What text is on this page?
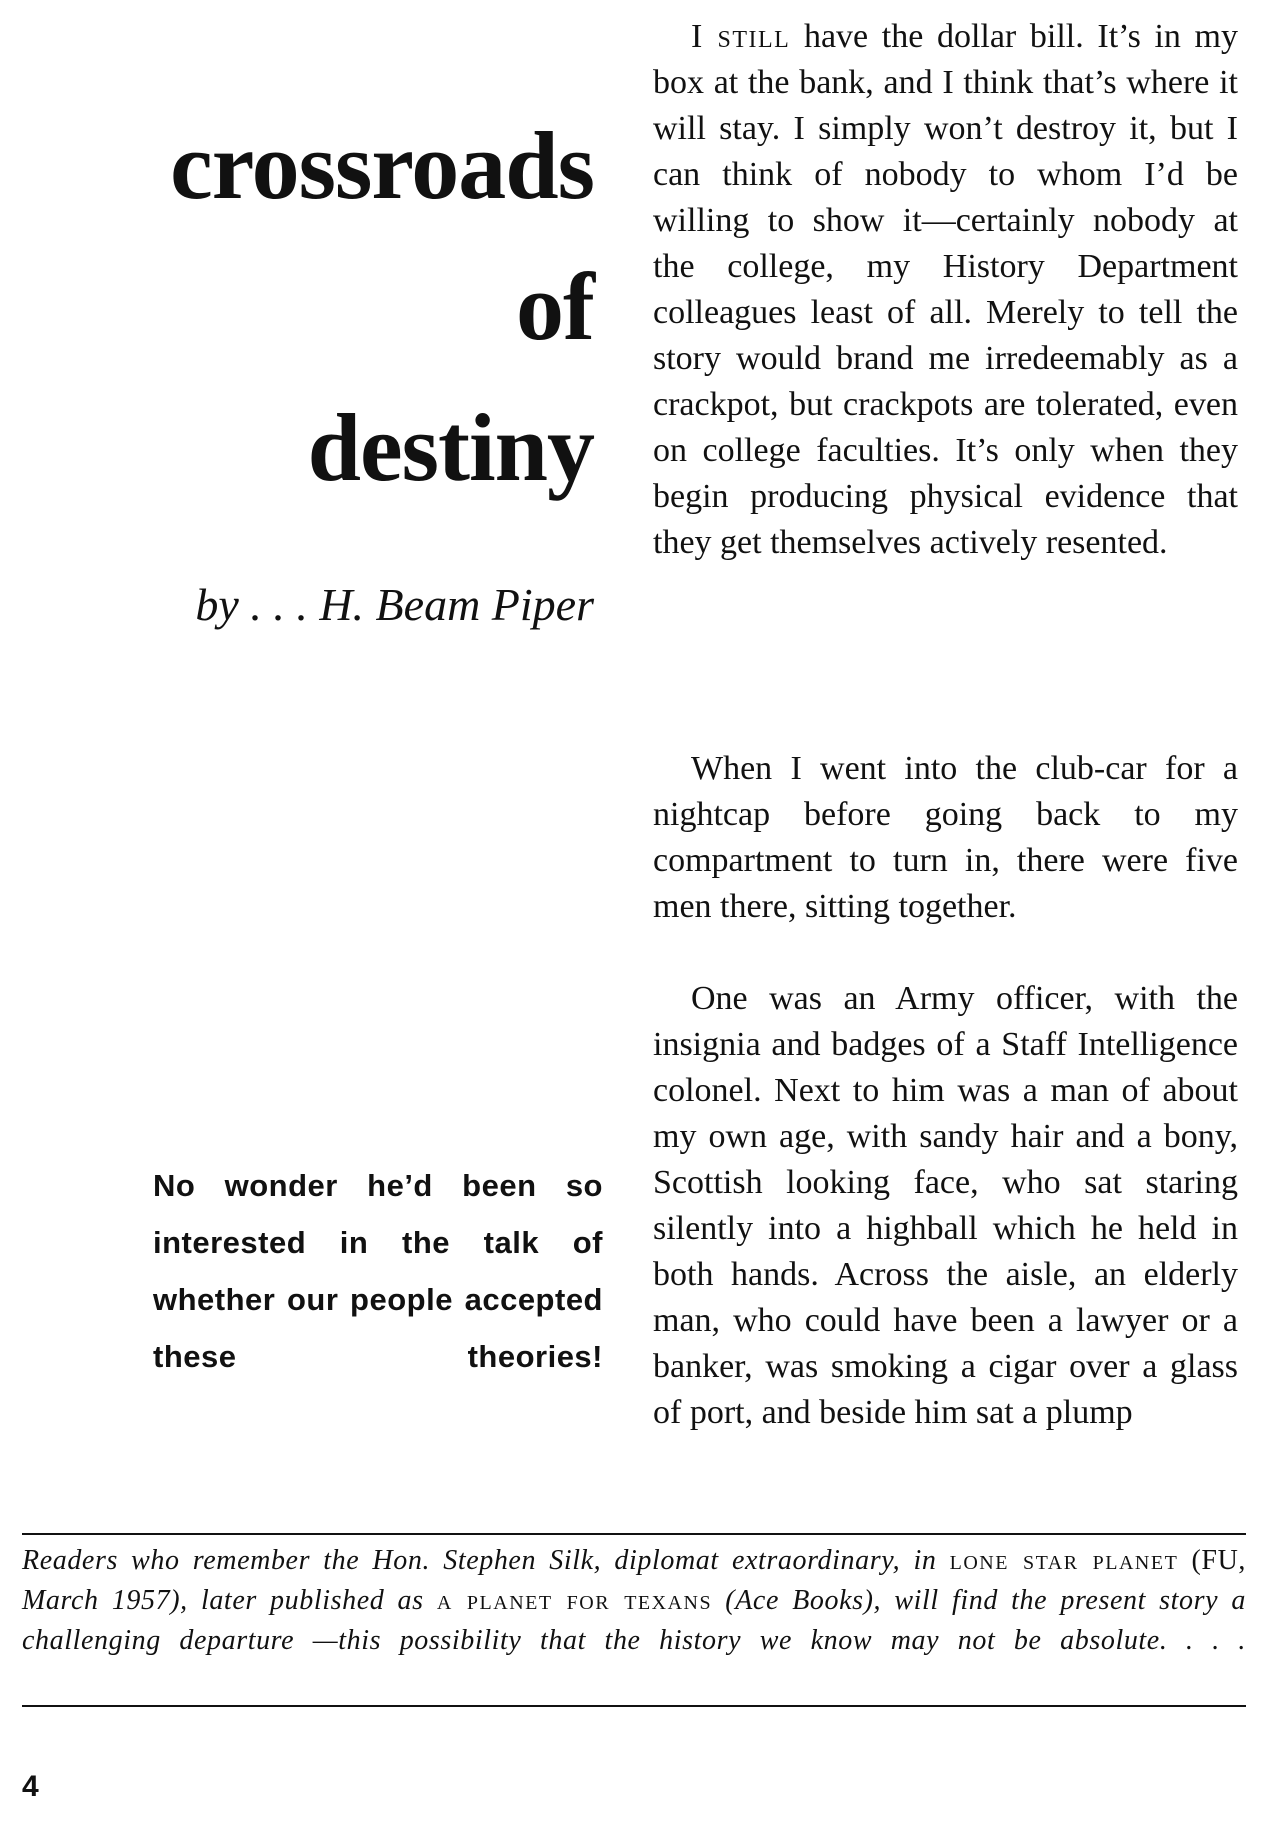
crossroads
of
destiny
by . . . H. Beam Piper
No wonder he’d been so interested in the talk of whether our people accepted these theories!

I still have the dollar bill. It’s in my box at the bank, and I think that’s where it will stay. I simply won’t destroy it, but I can think of nobody to whom I’d be willing to show it—certainly nobody at the college, my History Department colleagues least of all. Merely to tell the story would brand me irredeemably as a crackpot, but crackpots are tolerated, even on college faculties. It’s only when they begin producing physical evidence that they get themselves actively resented.

When I went into the club-car for a nightcap before going back to my compartment to turn in, there were five men there, sitting together.

One was an Army officer, with the insignia and badges of a Staff Intelligence colonel. Next to him was a man of about my own age, with sandy hair and a bony, Scottish looking face, who sat staring silently into a highball which he held in both hands. Across the aisle, an elderly man, who could have been a lawyer or a banker, was smoking a cigar over a glass of port, and beside him sat a plump

Readers who remember the Hon. Stephen Silk, diplomat extraordinary, in lone star planet (FU, March 1957), later published as a planet for texans (Ace Books), will find the present story a challenging departure —this possibility that the history we know may not be absolute. . . .
4
